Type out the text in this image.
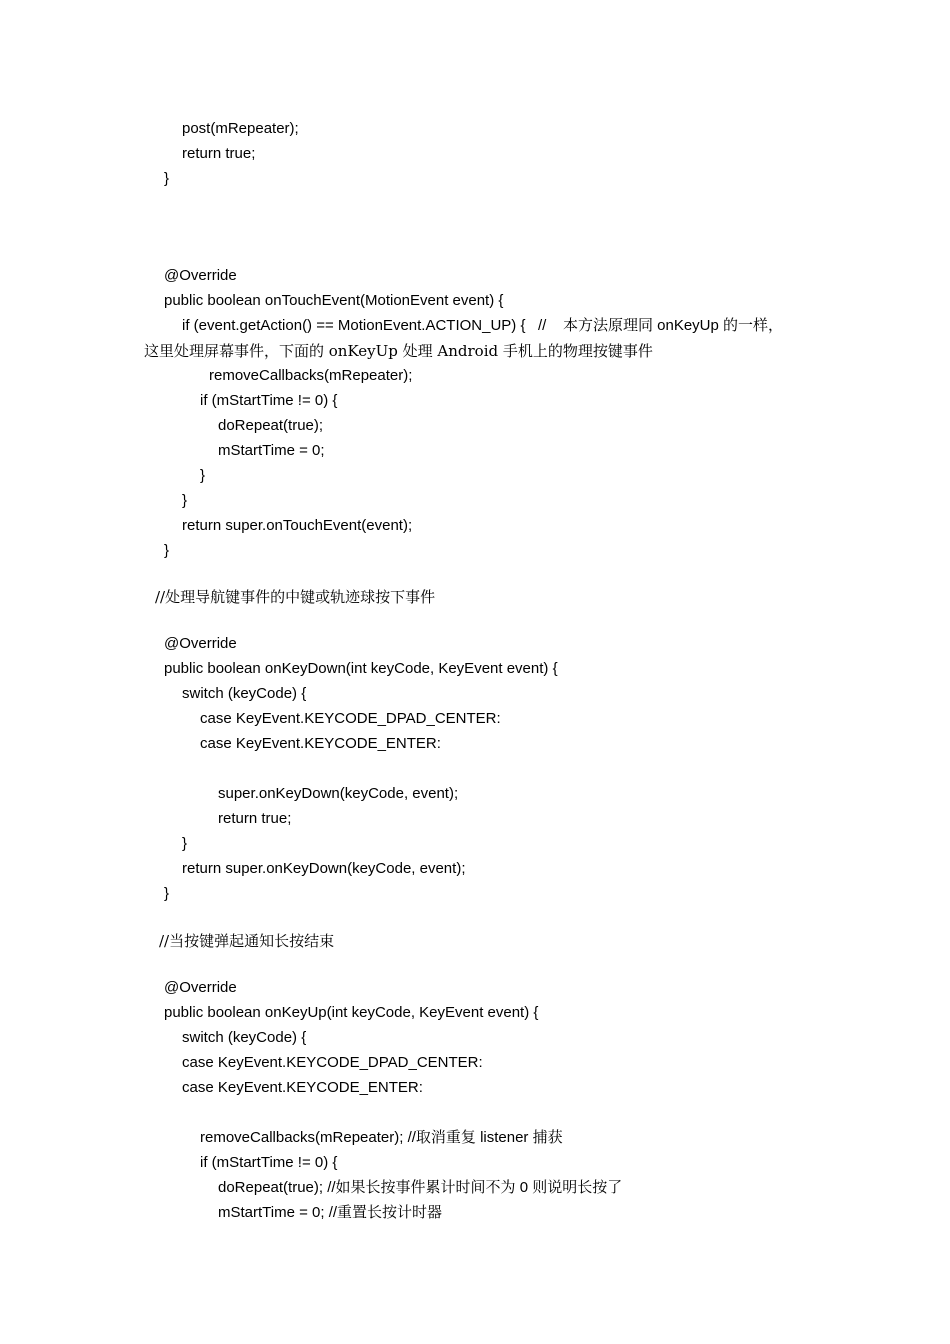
post(mRepeater);
return true;
}
@Override
public boolean onTouchEvent(MotionEvent event) {
if (event.getAction() == MotionEvent.ACTION_UP) {   //    本方法原理同 onKeyUp 的一样，
这里处理屏幕事件，下面的 onKeyUp 处理 Android 手机上的物理按键事件
removeCallbacks(mRepeater);
if (mStartTime != 0) {
doRepeat(true);
mStartTime = 0;
}
}
return super.onTouchEvent(event);
}
//处理导航键事件的中键或轨迹球按下事件
@Override
public boolean onKeyDown(int keyCode, KeyEvent event) {
switch (keyCode) {
case KeyEvent.KEYCODE_DPAD_CENTER:
case KeyEvent.KEYCODE_ENTER:
super.onKeyDown(keyCode, event);
return true;
}
return super.onKeyDown(keyCode, event);
}
//当按键弹起通知长按结束
@Override
public boolean onKeyUp(int keyCode, KeyEvent event) {
switch (keyCode) {
case KeyEvent.KEYCODE_DPAD_CENTER:
case KeyEvent.KEYCODE_ENTER:
removeCallbacks(mRepeater); //取消重复 listener 捕获
if (mStartTime != 0) {
doRepeat(true); //如果长按事件累计时间不为 0 则说明长按了
mStartTime = 0; //重置长按计时器
